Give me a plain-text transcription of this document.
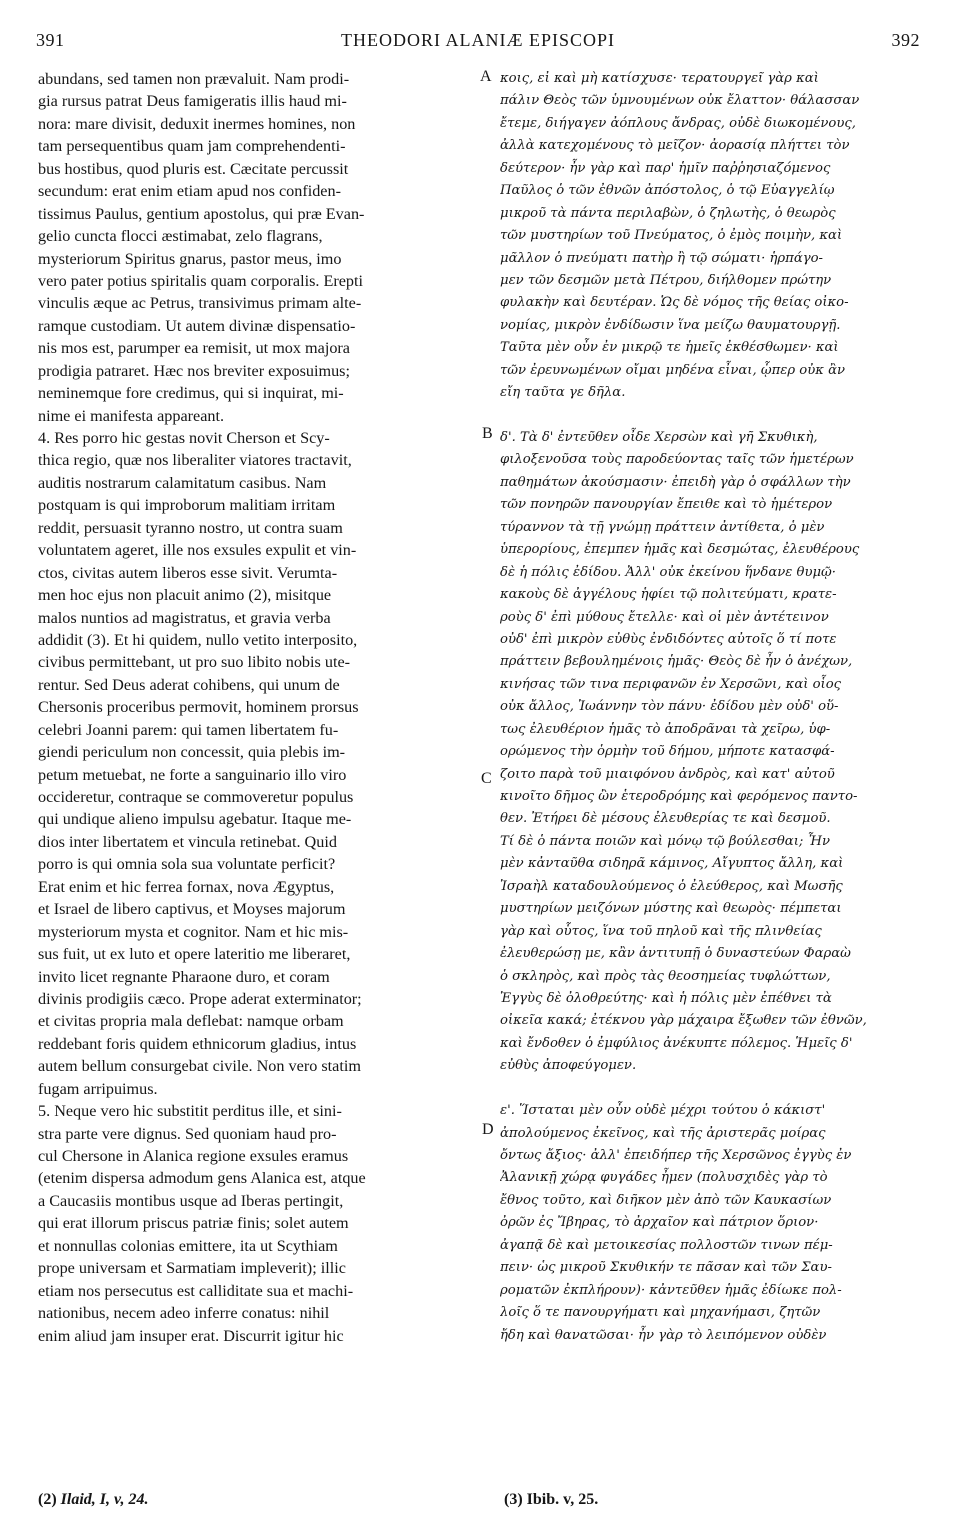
391	THEODORI ALANIÆ EPISCOPI	392
abundans, sed tamen non prævaluit. Nam prodi-
gia rursus patrat Deus famigeratis illis haud mi-
nora: mare divisit, deduxit inermes homines, non
tam persequentibus quam jam comprehendenti-
bus hostibus, quod pluris est. Cæcitate percussit
secundum: erat enim etiam apud nos confiden-
tissimus Paulus, gentium apostolus, qui præ Evan-
gelio cuncta flocci æstimabat, zelo flagrans,
mysteriorum Spiritus gnarus, pastor meus, imo
vero pater potius spiritalis quam corporalis. Erepti
vinculis æque ac Petrus, transivimus primam alte-
ramque custodiam. Ut autem divinæ dispensatio-
nis mos est, parumper ea remisit, ut mox majora
prodigia patraret. Hæc nos breviter exposuimus;
neminemque fore credimus, qui si inquirat, mi-
nime ei manifesta appareant.
4. Res porro hic gestas novit Cherson et Scy-
thica regio, quæ nos liberaliter viatores tractavit,
auditis nostrarum calamitatum casibus. Nam
postquam is qui improborum malitiam irritam
reddit, persuasit tyranno nostro, ut contra suam
voluntatem ageret, ille nos exsules expulit et vin-
ctos, civitas autem liberos esse sivit. Verumta-
men hoc ejus non placuit animo (2), misitque
malos nuntios ad magistratus, et gravia verba
addidit (3). Et hi quidem, nullo vetito interposito,
civibus permittebant, ut pro suo libito nobis ute-
rentur. Sed Deus aderat cohibens, qui unum de
Chersonis proceribus permovit, hominem prorsus
celebri Joanni parem: qui tamen libertatem fu-
giendi periculum non concessit, quia plebis im-
petum metuebat, ne forte a sanguinario illo viro
occideretur, contraque se commoveretur populus
qui undique alieno impulsu agebatur. Itaque me-
dios inter libertatem et vincula retinebat. Quid
porro is qui omnia sola sua voluntate perficit?
Erat enim et hic ferrea fornax, nova Ægyptus,
et Israel de libero captivus, et Moyses majorum
mysteriorum mysta et cognitor. Nam et hic mis-
sus fuit, ut ex luto et opere lateritio me liberaret,
invito licet regnante Pharaone duro, et coram
divinis prodigiis cæco. Prope aderat exterminator;
et civitas propria mala deflebat: namque orbam
reddebant foris quidem ethnicorum gladius, intus
autem bellum consurgebat civile. Non vero statim
fugam arripuimus.
5. Neque vero hic substitit perditus ille, et sini-
stra parte vere dignus. Sed quoniam haud pro-
cul Chersone in Alanica regione exsules eramus
(etenim dispersa admodum gens Alanica est, atque
a Caucasiis montibus usque ad Iberas pertingit,
qui erat illorum priscus patriæ finis; solet autem
et nonnullas colonias emittere, ita ut Scythiam
prope universam et Sarmatiam impleverit); illic
etiam nos persecutus est calliditate sua et machi-
nationibus, necem adeo inferre conatus: nihil
enim aliud jam insuper erat. Discurrit igitur hic
κοις, εἰ καὶ μὴ κατίσχυσε· τερατουργεῖ γὰρ καὶ
πάλιν Θεὸς τῶν ὑμνουμένων οὐκ ἔλαττον· θάλασσαν
ἔτεμε, διήγαγεν ἀόπλους ἄνδρας, οὐδὲ διωκομένους,
ἀλλὰ κατεχομένους τὸ μεῖζον· ἀορασίᾳ πλήττει τὸν
δεύτερον· ἦν γὰρ καὶ παρ' ἡμῖν παῤῥησιαζόμενος
Παῦλος ὁ τῶν ἐθνῶν ἀπόστολος, ὁ τῷ Εὐαγγελίῳ
μικροῦ τὰ πάντα περιλαβὼν, ὁ ζηλωτὴς, ὁ θεωρὸς
τῶν μυστηρίων τοῦ Πνεύματος, ὁ ἐμὸς ποιμὴν, καὶ
μᾶλλον ὁ πνεύματι πατὴρ ἢ τῷ σώματι· ἡρπάγο-
μεν τῶν δεσμῶν μετὰ Πέτρου, διήλθομεν πρώτην
φυλακὴν καὶ δευτέραν. Ὡς δὲ νόμος τῆς θείας οἰκο-
νομίας, μικρὸν ἐνδίδωσιν ἵνα μείζω θαυματουργῇ.
Ταῦτα μὲν οὖν ἐν μικρῷ τε ἡμεῖς ἐκθέσθωμεν· καὶ
τῶν ἐρευνωμένων οἴμαι μηδένα εἶναι, ᾧπερ οὐκ ἂν
εἴη ταῦτα γε δῆλα.
δ'. Τὰ δ' ἐντεῦθεν οἶδε Χερσὼν καὶ γῆ Σκυθικὴ,
φιλοξενοῦσα τοὺς παροδεύοντας ταῖς τῶν ἡμετέρων
παθημάτων ἀκούσμασιν· ἐπειδὴ γὰρ ὁ σφάλλων τὴν
τῶν πονηρῶν πανουργίαν ἔπειθε καὶ τὸ ἡμέτερον
τύραννον τὰ τῇ γνώμῃ πράττειν ἀντίθετα, ὁ μὲν
ὑπερορίους, ἐπεμπεν ἡμᾶς καὶ δεσμώτας, ἐλευθέρους
δὲ ἡ πόλις ἐδίδου. Ἀλλ' οὐκ ἐκείνου ἥνδανε θυμῷ·
κακοὺς δὲ ἀγγέλους ἡφίει τῷ πολιτεύματι, κρατε-
ροὺς δ' ἐπὶ μύθους ἔτελλε· καὶ οἱ μὲν ἀντέτεινον
οὐδ' ἐπὶ μικρὸν εὐθὺς ἐνδιδόντες αὐτοῖς ὅ τί ποτε
πράττειν βεβουλημένοις ἡμᾶς· Θεὸς δὲ ἦν ὁ ἀνέχων,
κινήσας τῶν τινα περιφανῶν ἐν Χερσῶνι, καὶ οἷος
οὐκ ἄλλος, Ἰωάννην τὸν πάνυ· ἐδίδου μὲν οὐδ' οὕ-
τως ἐλευθέριον ἡμᾶς τὸ ἀποδρᾶναι τὰ χεῖρω, ὑφ-
ορώμενος τὴν ὁρμὴν τοῦ δήμου, μήποτε κατασφά-
ζοιτο παρὰ τοῦ μιαιφόνου ἀνδρὸς, καὶ κατ' αὐτοῦ
κινοῖτο δῆμος ὢν ἑτεροδρόμης καὶ φερόμενος παντο-
θεν. Ἐτήρει δὲ μέσους ἐλευθερίας τε καὶ δεσμοῦ.
Τί δὲ ὁ πάντα ποιῶν καὶ μόνῳ τῷ βούλεσθαι; Ἦν
μὲν κἀνταῦθα σιδηρᾶ κάμινος, Αἴγυπτος ἄλλη, καὶ
Ἰσραὴλ καταδουλούμενος ὁ ἐλεύθερος, καὶ Μωσῆς
μυστηρίων μειζόνων μύστης καὶ θεωρὸς· πέμπεται
γὰρ καὶ οὗτος, ἵνα τοῦ πηλοῦ καὶ τῆς πλινθείας
ἐλευθερώσῃ με, κἂν ἀντιτυπῇ ὁ δυναστεύων Φαραὼ
ὁ σκληρὸς, καὶ πρὸς τὰς θεοσημείας τυφλώττων,
Ἐγγὺς δὲ ὀλοθρεύτης· καὶ ἡ πόλις μὲν ἐπέθνει τὰ
οἰκεῖα κακά; ἐτέκνου γὰρ μάχαιρα ἔξωθεν τῶν ἐθνῶν,
καὶ ἔνδοθεν ὁ ἐμφύλιος ἀνέκυπτε πόλεμος. Ἡμεῖς δ'
εὐθὺς ἀποφεύγομεν.
ε'. Ἵσταται μὲν οὖν οὐδὲ μέχρι τούτου ὁ κάκιστ'
ἀπολούμενος ἐκεῖνος, καὶ τῆς ἀριστερᾶς μοίρας
ὄντως ἄξιος· ἀλλ' ἐπειδήπερ τῆς Χερσῶνος ἐγγὺς ἐν
Ἀλανικῇ χώρᾳ φυγάδες ἦμεν (πολυσχιδὲς γὰρ τὸ
ἔθνος τοῦτο, καὶ διῆκον μὲν ἀπὸ τῶν Καυκασίων
ὀρῶν ἐς Ἴβηρας, τὸ ἀρχαῖον καὶ πάτριον ὅριον·
ἀγαπᾷ δὲ καὶ μετοικεσίας πολλοστῶν τινων πέμ-
πειν· ὡς μικροῦ Σκυθικήν τε πᾶσαν καὶ τῶν Σαυ-
ροματῶν ἐκπλήρουν)· κἀντεῦθεν ἡμᾶς ἐδίωκε πολ-
λοῖς ὅ τε πανουργήματι καὶ μηχανήμασι, ζητῶν
ἤδη καὶ θανατῶσαι· ἦν γὰρ τὸ λειπόμενον οὐδὲν
A
B
C
D
(2) Ilaid, I, v, 24.	(3) Ibib. v, 25.
